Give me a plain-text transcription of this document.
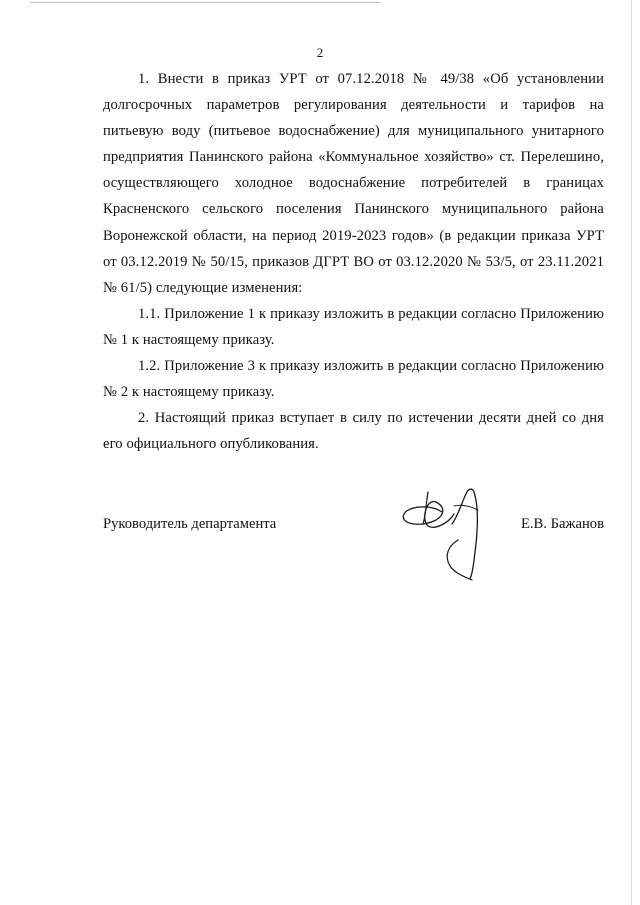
2

1. Внести в приказ УРТ от 07.12.2018 № 49/38 «Об установлении долгосрочных параметров регулирования деятельности и тарифов на питьевую воду (питьевое водоснабжение) для муниципального унитарного предприятия Панинского района «Коммунальное хозяйство» ст. Перелешино, осуществляющего холодное водоснабжение потребителей в границах Красненского сельского поселения Панинского муниципального района Воронежской области, на период 2019-2023 годов» (в редакции приказа УРТ от 03.12.2019 № 50/15, приказов ДГРТ ВО от 03.12.2020 № 53/5, от 23.11.2021 № 61/5) следующие изменения:

1.1. Приложение 1 к приказу изложить в редакции согласно Приложению № 1 к настоящему приказу.

1.2. Приложение 3 к приказу изложить в редакции согласно Приложению № 2 к настоящему приказу.

2. Настоящий приказ вступает в силу по истечении десяти дней со дня его официального опубликования.

Руководитель департамента	Е.В. Бажанов
